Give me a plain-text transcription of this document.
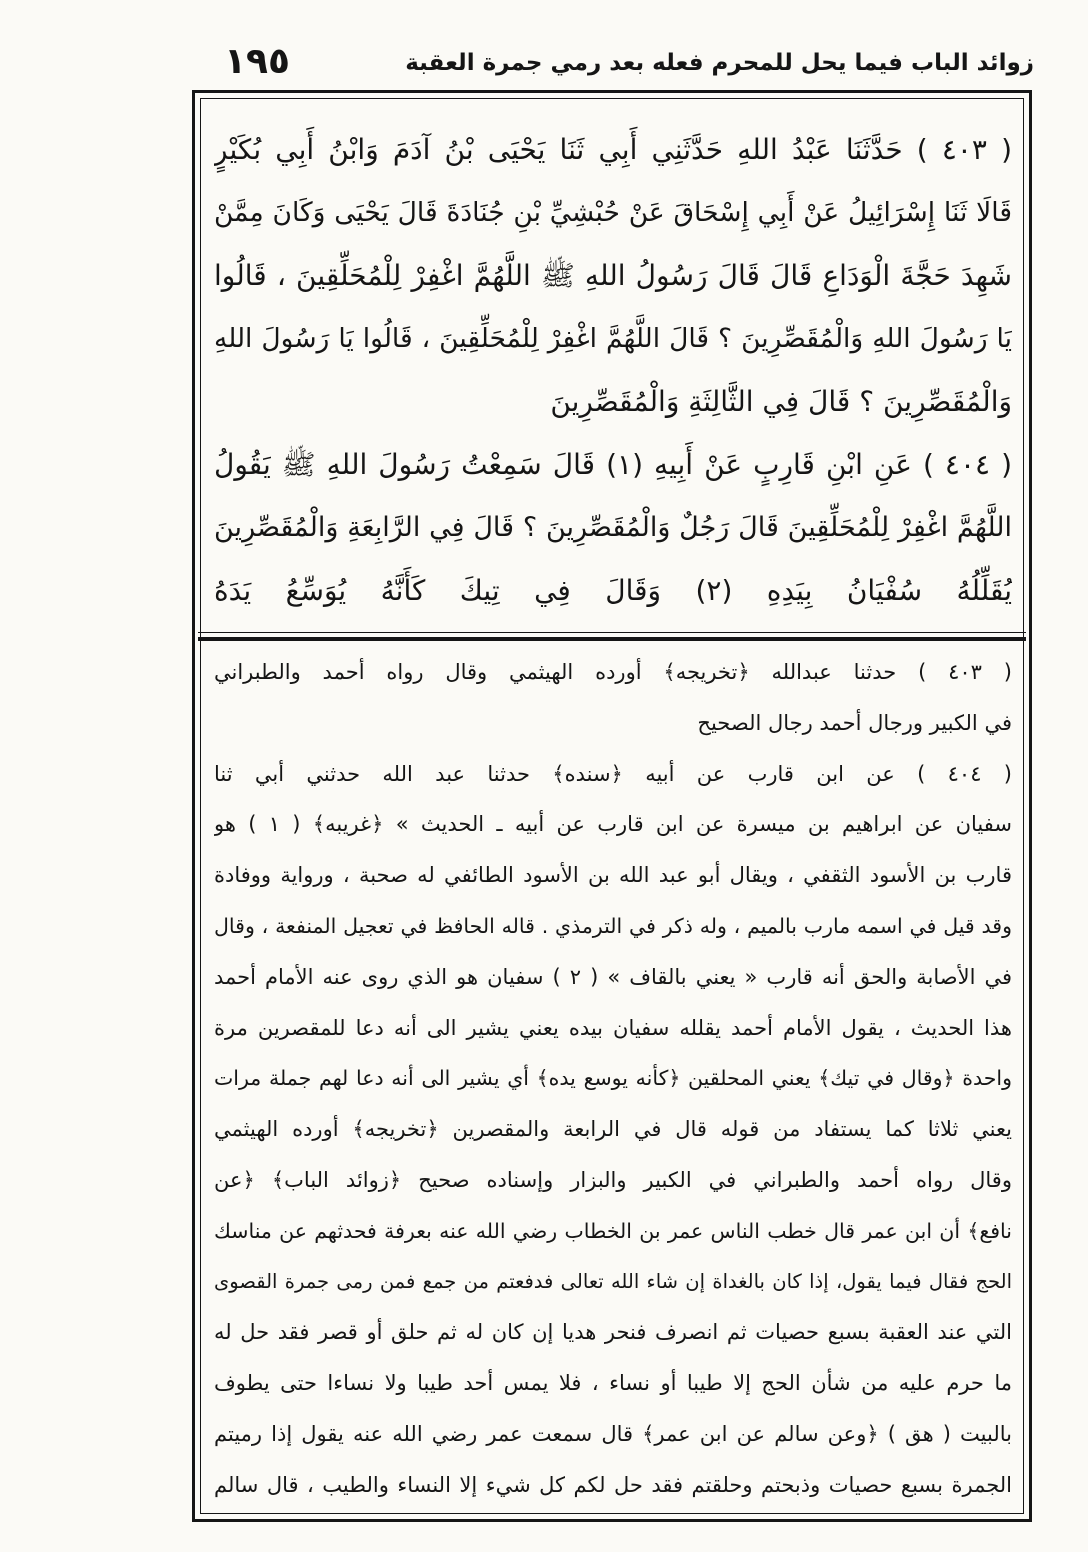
١٩٥	زوائد الباب فيما يحل للمحرم فعله بعد رمي جمرة العقبة
( ٤٠٣ ) حَدَّثَنَا عَبْدُ اللهِ حَدَّثَنِي أَبِي ثَنَا يَحْيَى بْنُ آدَمَ وَابْنُ أَبِي بُكَيْرٍ
قَالَا ثَنَا إِسْرَائِيلُ عَنْ أَبِي إِسْحَاقَ عَنْ حُبْشِيِّ بْنِ جُنَادَةَ قَالَ يَحْيَى وَكَانَ مِمَّنْ
شَهِدَ حَجَّةَ الْوَدَاعِ قَالَ قَالَ رَسُولُ اللهِ ﷺ اللَّهُمَّ اغْفِرْ لِلْمُحَلِّقِينَ ، قَالُوا
يَا رَسُولَ اللهِ وَالْمُقَصِّرِينَ ؟ قَالَ اللَّهُمَّ اغْفِرْ لِلْمُحَلِّقِينَ ، قَالُوا يَا رَسُولَ اللهِ
وَالْمُقَصِّرِينَ ؟ قَالَ فِي الثَّالِثَةِ وَالْمُقَصِّرِينَ
( ٤٠٤ ) عَنِ ابْنِ قَارِبٍ عَنْ أَبِيهِ (١) قَالَ سَمِعْتُ رَسُولَ اللهِ ﷺ يَقُولُ
اللَّهُمَّ اغْفِرْ لِلْمُحَلِّقِينَ قَالَ رَجُلٌ وَالْمُقَصِّرِينَ ؟ قَالَ فِي الرَّابِعَةِ وَالْمُقَصِّرِينَ
يُقَلِّلُهُ سُفْيَانُ بِيَدِهِ (٢) وَقَالَ فِي تِيكَ كَأَنَّهُ يُوَسِّعُ يَدَهُ
( ٤٠٣ ) حدثنا عبدالله ﴿تخريجه﴾ أورده الهيثمي وقال رواه أحمد والطبراني
في الكبير ورجال أحمد رجال الصحيح
( ٤٠٤ ) عن ابن قارب عن أبيه ﴿سنده﴾ حدثنا عبد الله حدثني أبي ثنا
سفيان عن ابراهيم بن ميسرة عن ابن قارب عن أبيه ـ الحديث » ﴿غريبه﴾ ( ١ ) هو
قارب بن الأسود الثقفي ، ويقال أبو عبد الله بن الأسود الطائفي له صحبة ، ورواية ووفادة
وقد قيل في اسمه مارب بالميم ، وله ذكر في الترمذي . قاله الحافظ في تعجيل المنفعة ، وقال
في الأصابة والحق أنه قارب « يعني بالقاف » ( ٢ ) سفيان هو الذي روى عنه الأمام أحمد
هذا الحديث ، يقول الأمام أحمد يقلله سفيان بيده يعني يشير الى أنه دعا للمقصرين مرة
واحدة ﴿وقال في تيك﴾ يعني المحلقين ﴿كأنه يوسع يده﴾ أي يشير الى أنه دعا لهم جملة مرات
يعني ثلاثا كما يستفاد من قوله قال في الرابعة والمقصرين ﴿تخريجه﴾ أورده الهيثمي
وقال رواه أحمد والطبراني في الكبير والبزار وإسناده صحيح ﴿زوائد الباب﴾ ﴿عن
نافع﴾ أن ابن عمر قال خطب الناس عمر بن الخطاب رضي الله عنه بعرفة فحدثهم عن مناسك
الحج فقال فيما يقول، إذا كان بالغداة إن شاء الله تعالى فدفعتم من جمع فمن رمى جمرة القصوى
التي عند العقبة بسبع حصيات ثم انصرف فنحر هديا إن كان له ثم حلق أو قصر فقد حل له
ما حرم عليه من شأن الحج إلا طيبا أو نساء ، فلا يمس أحد طيبا ولا نساءا حتى يطوف
بالبيت ( هق ) ﴿وعن سالم عن ابن عمر﴾ قال سمعت عمر رضي الله عنه يقول إذا رميتم
الجمرة بسبع حصيات وذبحتم وحلقتم فقد حل لكم كل شيء إلا النساء والطيب ، قال سالم
